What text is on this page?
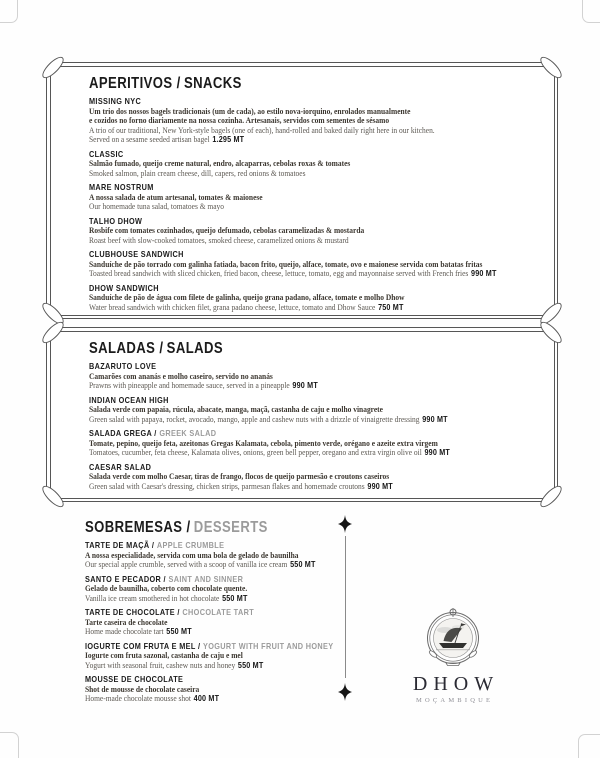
APERITIVOS / SNACKS
MISSING NYC
Um trio dos nossos bagels tradicionais (um de cada), ao estilo nova-iorquino, enrolados manualmente
e cozidos no forno diariamente na nossa cozinha. Artesanais, servidos com sementes de sésamo
A trio of our traditional, New York-style bagels (one of each), hand-rolled and baked daily right here in our kitchen.
Served on a sesame seeded artisan bagel 1.295 MT
CLASSIC
Salmão fumado, queijo creme natural, endro, alcaparras, cebolas roxas & tomates
Smoked salmon, plain cream cheese, dill, capers, red onions & tomatoes
MARE NOSTRUM
A nossa salada de atum artesanal, tomates & maionese
Our homemade tuna salad, tomatoes & mayo
TALHO DHOW
Rosbife com tomates cozinhados, queijo defumado, cebolas caramelizadas & mostarda
Roast beef with slow-cooked tomatoes, smoked cheese, caramelized onions & mustard
CLUBHOUSE SANDWICH
Sanduíche de pão torrado com galinha fatiada, bacon frito, queijo, alface, tomate, ovo e maionese servida com batatas fritas
Toasted bread sandwich with sliced chicken, fried bacon, cheese, lettuce, tomato, egg and mayonnaise served with French fries 990 MT
DHOW SANDWICH
Sanduíche de pão de água com filete de galinha, queijo grana padano, alface, tomate e molho Dhow
Water bread sandwich with chicken filet, grana padano cheese, lettuce, tomato and Dhow Sauce 750 MT
SALADAS / SALADS
BAZARUTO LOVE
Camarões com ananás e molho caseiro, servido no ananás
Prawns with pineapple and homemade sauce, served in a pineapple 990 MT
INDIAN OCEAN HIGH
Salada verde com papaia, rúcula, abacate, manga, maçã, castanha de caju e molho vinagrete
Green salad with papaya, rocket, avocado, mango, apple and cashew nuts with a drizzle of vinaigrette dressing 990 MT
SALADA GREGA / GREEK SALAD
Tomate, pepino, queijo feta, azeitonas Gregas Kalamata, cebola, pimento verde, orégano e azeite extra virgem
Tomatoes, cucumber, feta cheese, Kalamata olives, onions, green bell pepper, oregano and extra virgin olive oil 990 MT
CAESAR SALAD
Salada verde com molho Caesar, tiras de frango, flocos de queijo parmesão e croutons caseiros
Green salad with Caesar's dressing, chicken strips, parmesan flakes and homemade croutons 990 MT
SOBREMESAS / DESSERTS
TARTE DE MAÇÃ / APPLE CRUMBLE
A nossa especialidade, servida com uma bola de gelado de baunilha
Our special apple crumble, served with a scoop of vanilla ice cream 550 MT
SANTO E PECADOR / SAINT AND SINNER
Gelado de baunilha, coberto com chocolate quente.
Vanilla ice cream smothered in hot chocolate 550 MT
TARTE DE CHOCOLATE / CHOCOLATE TART
Tarte caseira de chocolate
Home made chocolate tart 550 MT
IOGURTE COM FRUTA E MEL / YOGURT WITH FRUIT AND HONEY
Iogurte com fruta sazonal, castanha de caju e mel
Yogurt with seasonal fruit, cashew nuts and honey 550 MT
MOUSSE DE CHOCOLATE
Shot de mousse de chocolate caseira
Home-made chocolate mousse shot 400 MT
DHOW
MOÇAMBIQUE
